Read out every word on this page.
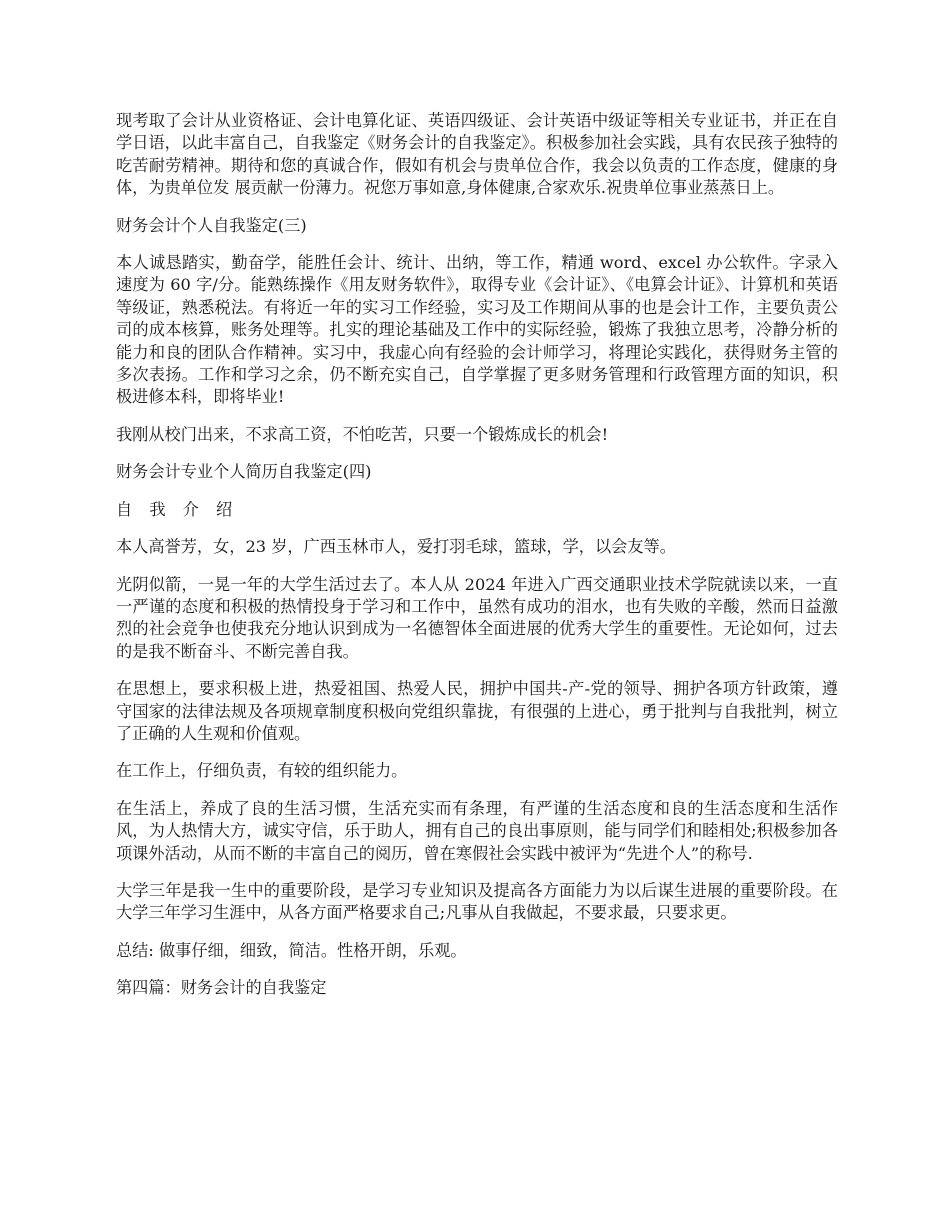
现考取了会计从业资格证、会计电算化证、英语四级证、会计英语中级证等相关专业证书，并正在自学日语，以此丰富自己，自我鉴定《财务会计的自我鉴定》。积极参加社会实践，具有农民孩子独特的吃苦耐劳精神。期待和您的真诚合作，假如有机会与贵单位合作，我会以负责的工作态度，健康的身体，为贵单位发 展贡献一份薄力。祝您万事如意,身体健康,合家欢乐.祝贵单位事业蒸蒸日上。

财务会计个人自我鉴定(三)

本人诚恳踏实，勤奋学，能胜任会计、统计、出纳，等工作，精通 word、excel 办公软件。字录入速度为 60 字/分。能熟练操作《用友财务软件》，取得专业《会计证》、《电算会计证》、计算机和英语等级证，熟悉税法。有将近一年的实习工作经验，实习及工作期间从事的也是会计工作，主要负责公司的成本核算，账务处理等。扎实的理论基础及工作中的实际经验，锻炼了我独立思考，冷静分析的能力和良的团队合作精神。实习中，我虚心向有经验的会计师学习，将理论实践化，获得财务主管的多次表扬。工作和学习之余，仍不断充实自己，自学掌握了更多财务管理和行政管理方面的知识，积极进修本科，即将毕业!

我刚从校门出来，不求高工资，不怕吃苦，只要一个锻炼成长的机会!

财务会计专业个人简历自我鉴定(四)

自 我 介 绍

本人高誉芳，女，23 岁，广西玉林市人，爱打羽毛球，篮球，学，以会友等。

光阴似箭，一晃一年的大学生活过去了。本人从 2024 年进入广西交通职业技术学院就读以来，一直一严谨的态度和积极的热情投身于学习和工作中，虽然有成功的泪水，也有失败的辛酸，然而日益激烈的社会竞争也使我充分地认识到成为一名德智体全面进展的优秀大学生的重要性。无论如何，过去的是我不断奋斗、不断完善自我。

在思想上，要求积极上进，热爱祖国、热爱人民，拥护中国共-产-党的领导、拥护各项方针政策，遵守国家的法律法规及各项规章制度积极向党组织靠拢，有很强的上进心，勇于批判与自我批判，树立了正确的人生观和价值观。

在工作上，仔细负责，有较的组织能力。

在生活上，养成了良的生活习惯，生活充实而有条理，有严谨的生活态度和良的生活态度和生活作风，为人热情大方，诚实守信，乐于助人，拥有自己的良出事原则，能与同学们和睦相处;积极参加各项课外活动，从而不断的丰富自己的阅历，曾在寒假社会实践中被评为“先进个人”的称号.

大学三年是我一生中的重要阶段，是学习专业知识及提高各方面能力为以后谋生进展的重要阶段。在大学三年学习生涯中，从各方面严格要求自己;凡事从自我做起，不要求最，只要求更。

总结: 做事仔细，细致，简洁。性格开朗，乐观。

第四篇：财务会计的自我鉴定
